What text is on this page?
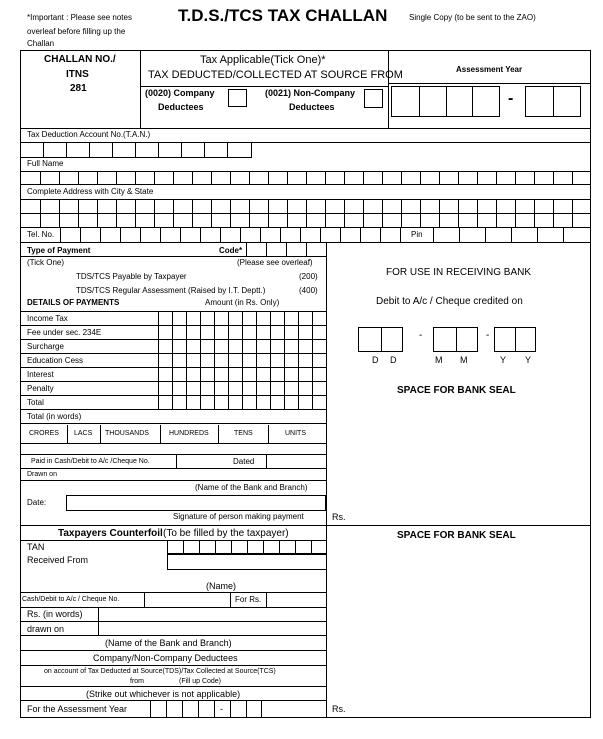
*Important : Please see notes
overleaf before filling up the
Challan
T.D.S./TCS TAX CHALLAN	Single Copy (to be sent to the ZAO)
CHALLAN NO./
ITNS
281
Tax Applicable(Tick One)*
TAX DEDUCTED/COLLECTED AT SOURCE FROM
(0020) Company
Deductees
(0021) Non-Company
Deductees
Assessment Year
-
Tax Deduction Account No.(T.A.N.)
Full Name
Complete Address with City & State
Tel. No.	Pin
Type of Payment	Code*
(Tick One)	(Please see overleaf)
TDS/TCS Payable by Taxpayer	(200)
TDS/TCS Regular Assessment (Raised by I.T. Deptt.)	(400)
DETAILS OF PAYMENTS	Amount (in Rs. Only)
Income Tax
Fee under sec. 234E
Surcharge
Education Cess
Interest
Penalty
Total
Total (in words)
CRORES LACS THOUSANDS	HUNDREDS	TENS	UNITS
Paid in Cash/Debit to A/c /Cheque No.	Dated
Drawn on
(Name of the Bank and Branch)
Date:
Signature of person making payment	Rs.
FOR USE IN RECEIVING BANK
Debit to A/c / Cheque credited on
-	-
D D	M M	Y Y
SPACE FOR BANK SEAL
Taxpayers Counterfoil (To be filled by the taxpayer)	SPACE FOR BANK SEAL
TAN
Received From
(Name)
Cash/Debit to A/c / Cheque No.	For Rs.
Rs. (in words)
drawn on
(Name of the Bank and Branch)
Company/Non-Company Deductees
on account of Tax Deducted at Source(TDS)/Tax Collected at Source(TCS)
from	(Fill up Code)
(Strike out whichever is not applicable)
For the Assessment Year	-	Rs.
